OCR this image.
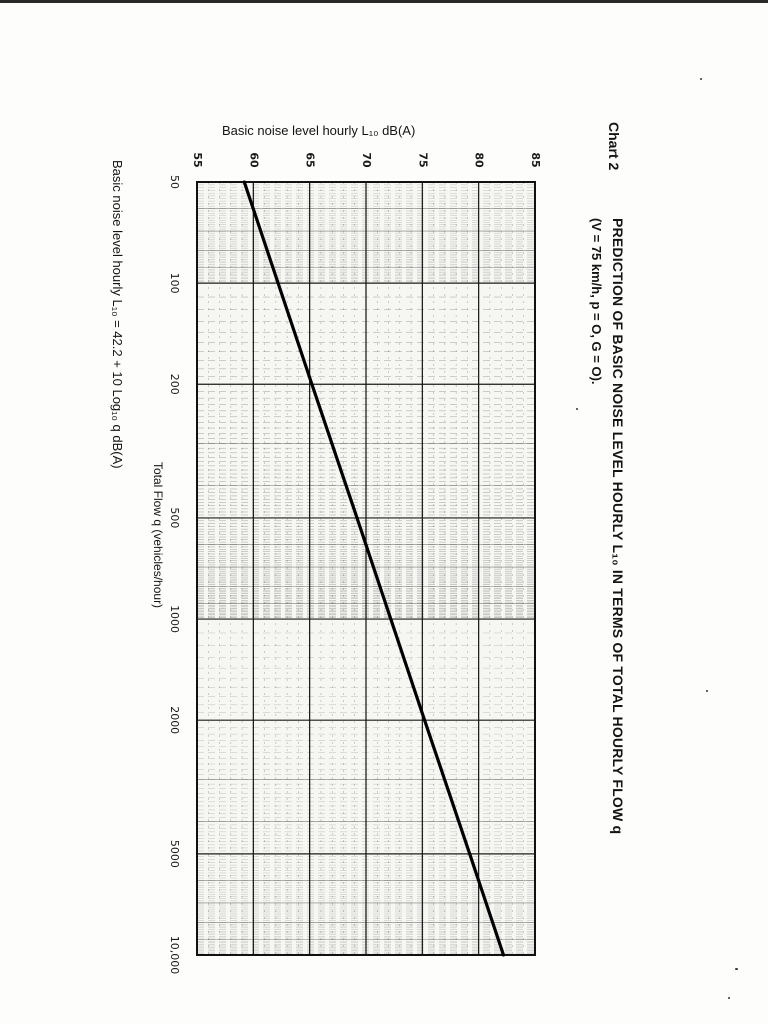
Chart 2
PREDICTION OF BASIC NOISE LEVEL HOURLY L₁₀ IN TERMS OF TOTAL HOURLY FLOW q
(V = 75 km/h, p = O, G = O).
Basic noise level hourly L₁₀ dB(A)
Total Flow q (vehicles/hour)
Basic noise level hourly L₁₀ = 42.2 + 10 Log₁₀ q dB(A)	55	60	65	70	75	80	85
50
100
200
500
1000
2000
5000
10,000
